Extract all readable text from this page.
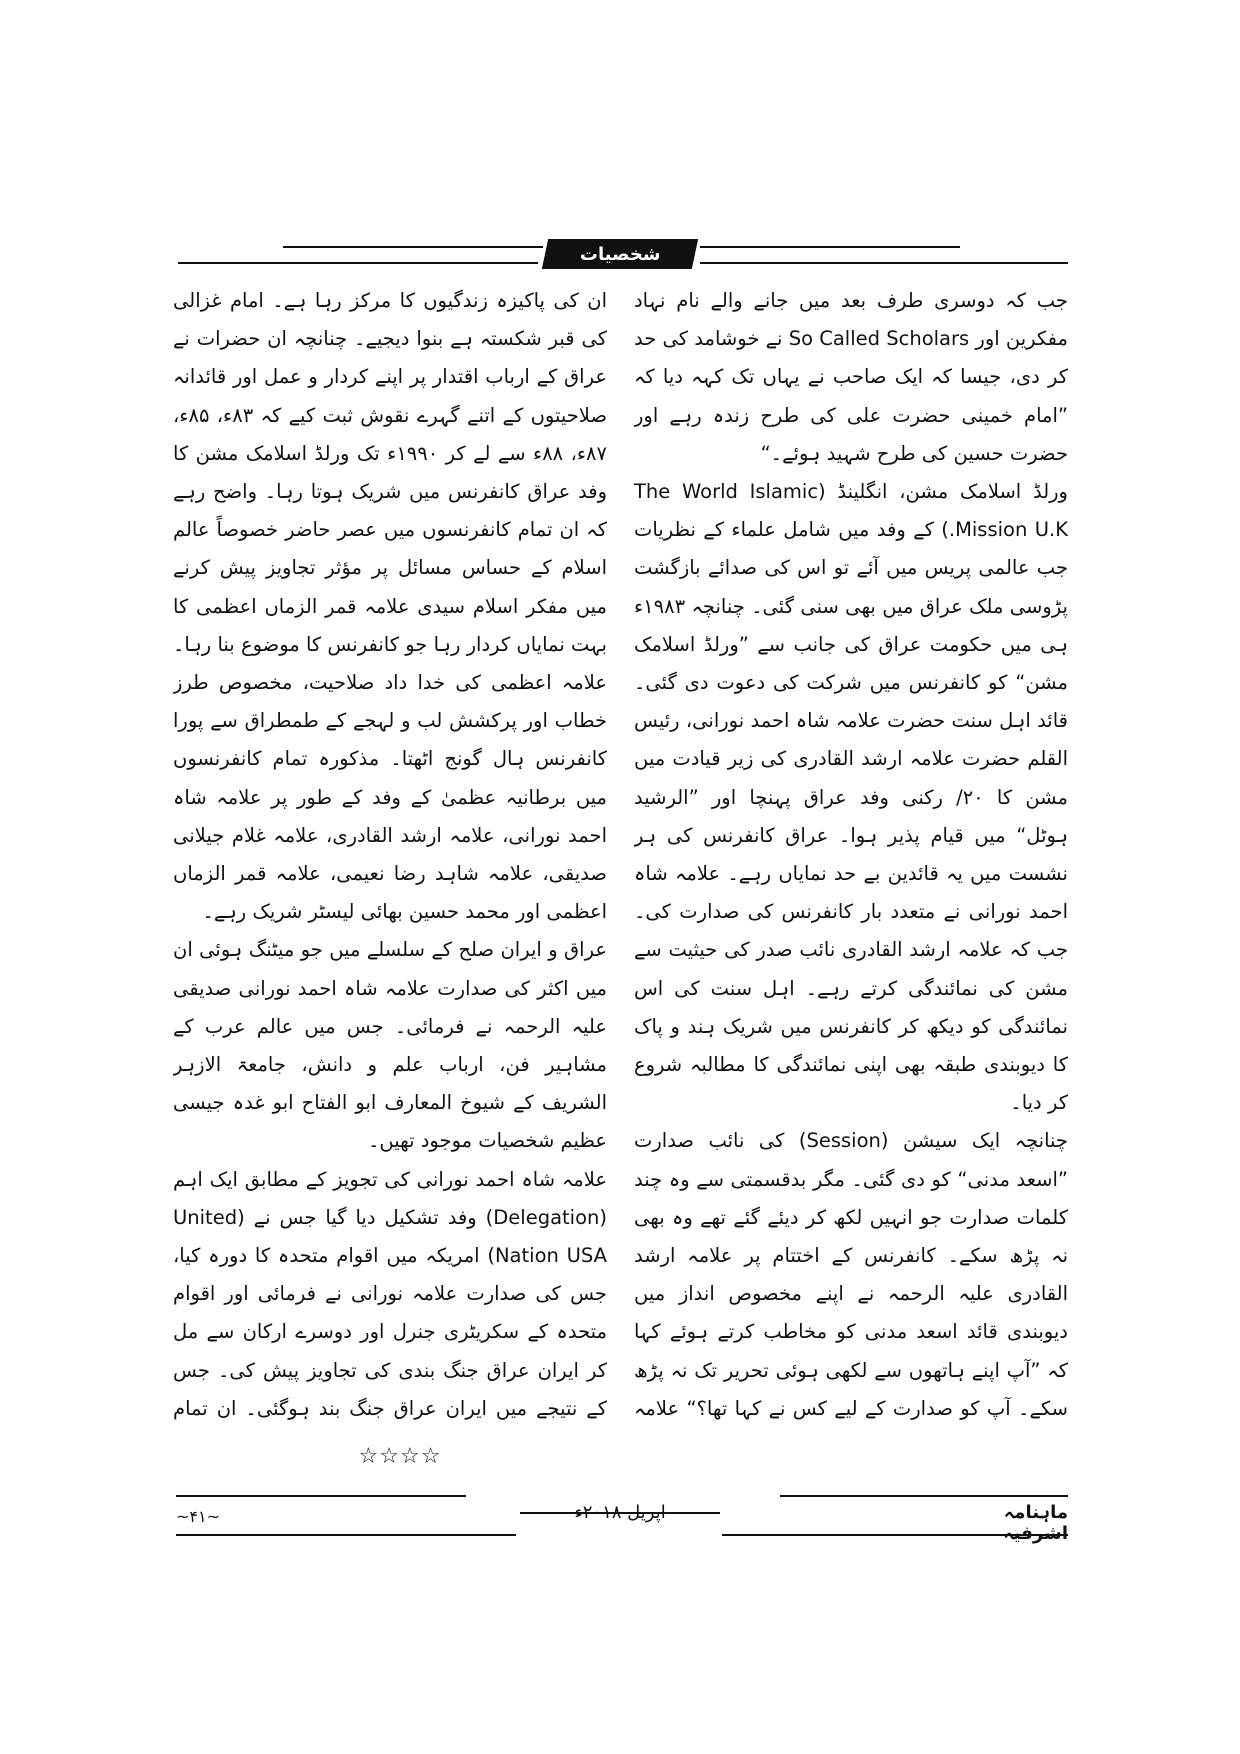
شخصیات

جب کہ دوسری طرف بعد میں جانے والے نام نہاد مفکرین اور So Called Scholars نے خوشامد کی حد کر دی، جیسا کہ ایک صاحب نے یہاں تک کہہ دیا کہ ”امام خمینی حضرت علی کی طرح زندہ رہے اور حضرت حسین کی طرح شہید ہوئے۔“

ورلڈ اسلامک مشن، انگلینڈ (The World Islamic Mission U.K.) کے وفد میں شامل علماء کے نظریات جب عالمی پریس میں آئے تو اس کی صدائے بازگشت پڑوسی ملک عراق میں بھی سنی گئی۔ چنانچہ ۱۹۸۳ء ہی میں حکومت عراق کی جانب سے ”ورلڈ اسلامک مشن“ کو کانفرنس میں شرکت کی دعوت دی گئی۔ قائد اہل سنت حضرت علامہ شاہ احمد نورانی، رئیس القلم حضرت علامہ ارشد القادری کی زیر قیادت میں مشن کا ۲۰/ رکنی وفد عراق پہنچا اور ”الرشید ہوٹل“ میں قیام پذیر ہوا۔ عراق کانفرنس کی ہر نشست میں یہ قائدین بے حد نمایاں رہے۔ علامہ شاہ احمد نورانی نے متعدد بار کانفرنس کی صدارت کی۔ جب کہ علامہ ارشد القادری نائب صدر کی حیثیت سے مشن کی نمائندگی کرتے رہے۔ اہل سنت کی اس نمائندگی کو دیکھ کر کانفرنس میں شریک ہند و پاک کا دیوبندی طبقہ بھی اپنی نمائندگی کا مطالبہ شروع کر دیا۔

چنانچہ ایک سیشن (Session) کی نائب صدارت ”اسعد مدنی“ کو دی گئی۔ مگر بدقسمتی سے وہ چند کلمات صدارت جو انہیں لکھ کر دیئے گئے تھے وہ بھی نہ پڑھ سکے۔ کانفرنس کے اختتام پر علامہ ارشد القادری علیہ الرحمہ نے اپنے مخصوص انداز میں دیوبندی قائد اسعد مدنی کو مخاطب کرتے ہوئے کہا کہ ”آپ اپنے ہاتھوں سے لکھی ہوئی تحریر تک نہ پڑھ سکے۔ آپ کو صدارت کے لیے کس نے کہا تھا؟“ علامہ

ان کی پاکیزہ زندگیوں کا مرکز رہا ہے۔ امام غزالی کی قبر شکستہ ہے بنوا دیجیے۔ چنانچہ ان حضرات نے عراق کے ارباب اقتدار پر اپنے کردار و عمل اور قائدانہ صلاحیتوں کے اتنے گہرے نقوش ثبت کیے کہ ۸۳ء، ۸۵ء، ۸۷ء، ۸۸ء سے لے کر ۱۹۹۰ء تک ورلڈ اسلامک مشن کا وفد عراق کانفرنس میں شریک ہوتا رہا۔ واضح رہے کہ ان تمام کانفرنسوں میں عصر حاضر خصوصاً عالم اسلام کے حساس مسائل پر مؤثر تجاویز پیش کرنے میں مفکر اسلام سیدی علامہ قمر الزماں اعظمی کا بہت نمایاں کردار رہا جو کانفرنس کا موضوع بنا رہا۔ علامہ اعظمی کی خدا داد صلاحیت، مخصوص طرز خطاب اور پرکشش لب و لہجے کے طمطراق سے پورا کانفرنس ہال گونج اٹھتا۔ مذکورہ تمام کانفرنسوں میں برطانیہ عظمیٰ کے وفد کے طور پر علامہ شاہ احمد نورانی، علامہ ارشد القادری، علامہ غلام جیلانی صدیقی، علامہ شاہد رضا نعیمی، علامہ قمر الزماں اعظمی اور محمد حسین بھائی لیسٹر شریک رہے۔

عراق و ایران صلح کے سلسلے میں جو میٹنگ ہوئی ان میں اکثر کی صدارت علامہ شاہ احمد نورانی صدیقی علیہ الرحمہ نے فرمائی۔ جس میں عالم عرب کے مشاہیر فن، ارباب علم و دانش، جامعۃ الازہر الشریف کے شیوخ المعارف ابو الفتاح ابو غدہ جیسی عظیم شخصیات موجود تھیں۔

علامہ شاہ احمد نورانی کی تجویز کے مطابق ایک اہم (Delegation) وفد تشکیل دیا گیا جس نے (United Nation USA) امریکہ میں اقوام متحدہ کا دورہ کیا، جس کی صدارت علامہ نورانی نے فرمائی اور اقوام متحدہ کے سکریٹری جنرل اور دوسرے ارکان سے مل کر ایران عراق جنگ بندی کی تجاویز پیش کی۔ جس کے نتیجے میں ایران عراق جنگ بند ہوگئی۔ ان تمام

☆☆☆☆
~۴۱~	اپریل ۲۰۱۸ء	ماہنامہ اشرفیہ
